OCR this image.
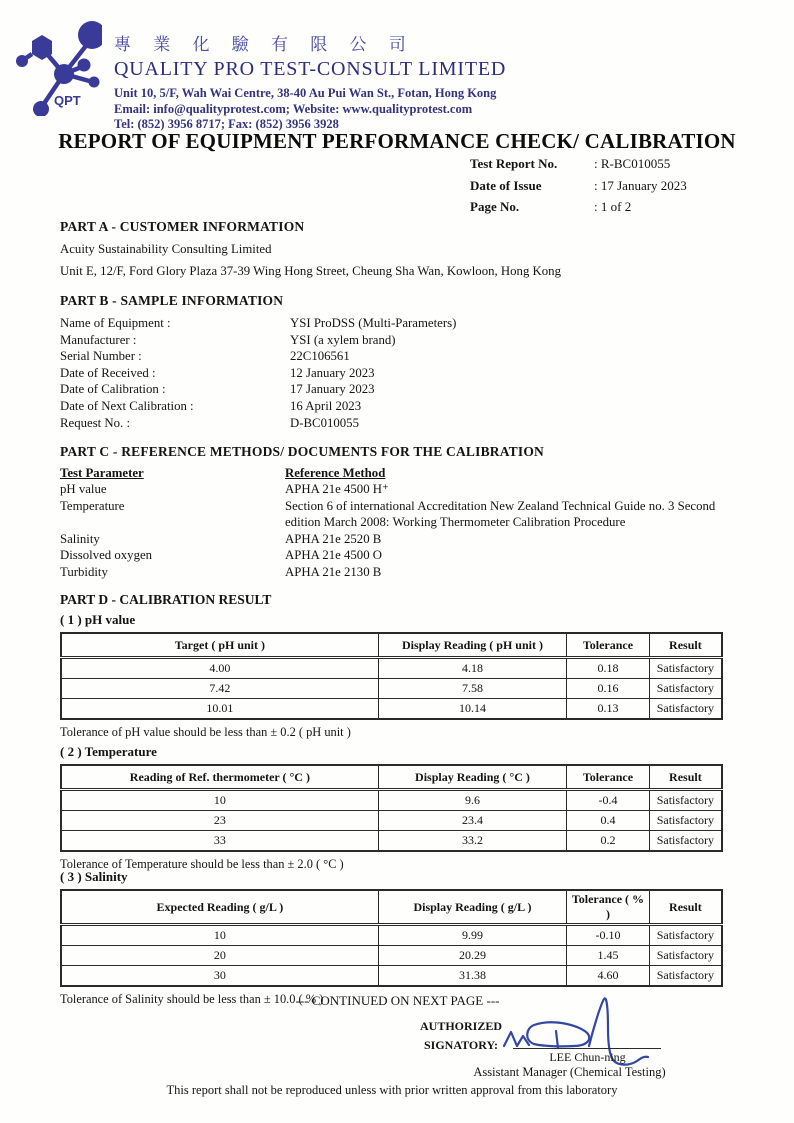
QPT
專 業 化 驗 有 限 公 司
QUALITY PRO TEST-CONSULT LIMITED
Unit 10, 5/F, Wah Wai Centre, 38-40 Au Pui Wan St., Fotan, Hong Kong
Email: info@qualityprotest.com; Website: www.qualityprotest.com
Tel: (852) 3956 8717; Fax: (852) 3956 3928
REPORT OF EQUIPMENT PERFORMANCE CHECK/ CALIBRATION
Test Report No.	: R-BC010055
Date of Issue	: 17 January 2023
Page No.	: 1 of 2
PART A - CUSTOMER INFORMATION
Acuity Sustainability Consulting Limited
Unit E, 12/F, Ford Glory Plaza 37-39 Wing Hong Street, Cheung Sha Wan, Kowloon, Hong Kong
PART B - SAMPLE INFORMATION
Name of Equipment :	YSI ProDSS (Multi-Parameters)
Manufacturer :	YSI (a xylem brand)
Serial Number :	22C106561
Date of Received :	12 January 2023
Date of Calibration :	17 January 2023
Date of Next Calibration :	16 April 2023
Request No. :	D-BC010055
PART C - REFERENCE METHODS/ DOCUMENTS FOR THE CALIBRATION
Test Parameter	Reference Method
pH value	APHA 21e 4500 H⁺
Temperature	Section 6 of international Accreditation New Zealand Technical Guide no. 3 Second edition March 2008: Working Thermometer Calibration Procedure
Salinity	APHA 21e 2520 B
Dissolved oxygen	APHA 21e 4500 O
Turbidity	APHA 21e 2130 B
PART D - CALIBRATION RESULT
( 1 ) pH value
Target ( pH unit )	Display Reading ( pH unit )	Tolerance	Result
4.00	4.18	0.18	Satisfactory
7.42	7.58	0.16	Satisfactory
10.01	10.14	0.13	Satisfactory
Tolerance of pH value should be less than ± 0.2 ( pH unit )
( 2 ) Temperature
Reading of Ref. thermometer ( °C )	Display Reading ( °C )	Tolerance	Result
10	9.6	-0.4	Satisfactory
23	23.4	0.4	Satisfactory
33	33.2	0.2	Satisfactory
Tolerance of Temperature should be less than ± 2.0 ( °C )
( 3 ) Salinity
Expected Reading ( g/L )	Display Reading ( g/L )	Tolerance ( % )	Result
10	9.99	-0.10	Satisfactory
20	20.29	1.45	Satisfactory
30	31.38	4.60	Satisfactory
Tolerance of Salinity should be less than ± 10.0 ( % )
--- CONTINUED ON NEXT PAGE ---
AUTHORIZED
SIGNATORY:
LEE Chun-ning
Assistant Manager (Chemical Testing)
This report shall not be reproduced unless with prior written approval from this laboratory
